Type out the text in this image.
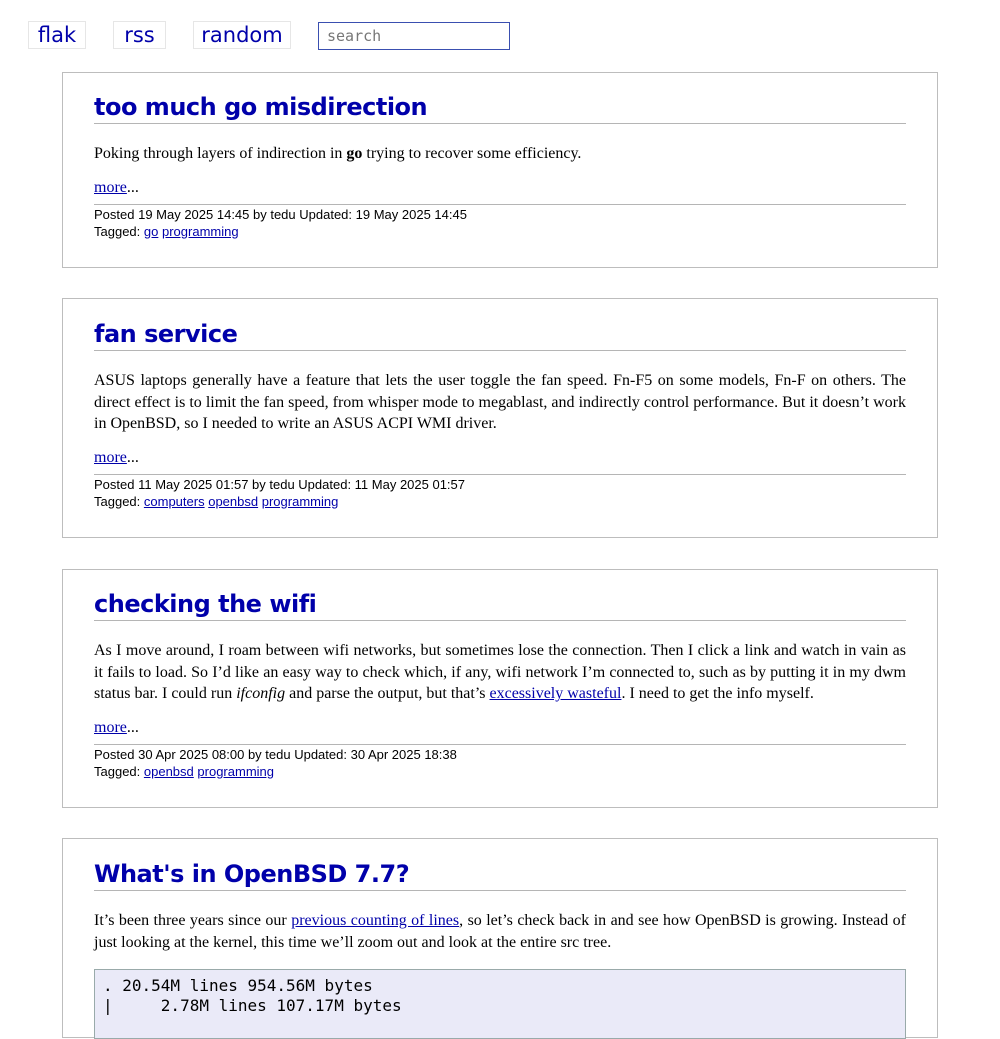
flak	rss	random
search
too much go misdirection

Poking through layers of indirection in go trying to recover some efficiency.

more...

Posted 19 May 2025 14:45 by tedu Updated: 19 May 2025 14:45
Tagged: go programming
fan service

ASUS laptops generally have a feature that lets the user toggle the fan speed. Fn-F5 on some models, Fn-F on others. The direct effect is to limit the fan speed, from whisper mode to megablast, and indirectly control performance. But it doesn’t work in OpenBSD, so I needed to write an ASUS ACPI WMI driver.

more...

Posted 11 May 2025 01:57 by tedu Updated: 11 May 2025 01:57
Tagged: computers openbsd programming
checking the wifi

As I move around, I roam between wifi networks, but sometimes lose the connection. Then I click a link and watch in vain as it fails to load. So I’d like an easy way to check which, if any, wifi network I’m connected to, such as by putting it in my dwm status bar. I could run ifconfig and parse the output, but that’s excessively wasteful. I need to get the info myself.

more...

Posted 30 Apr 2025 08:00 by tedu Updated: 30 Apr 2025 18:38
Tagged: openbsd programming
What's in OpenBSD 7.7?

It’s been three years since our previous counting of lines, so let’s check back in and see how OpenBSD is growing. Instead of just looking at the kernel, this time we’ll zoom out and look at the entire src tree.

. 20.54M lines 954.56M bytes
|     2.78M lines 107.17M bytes
